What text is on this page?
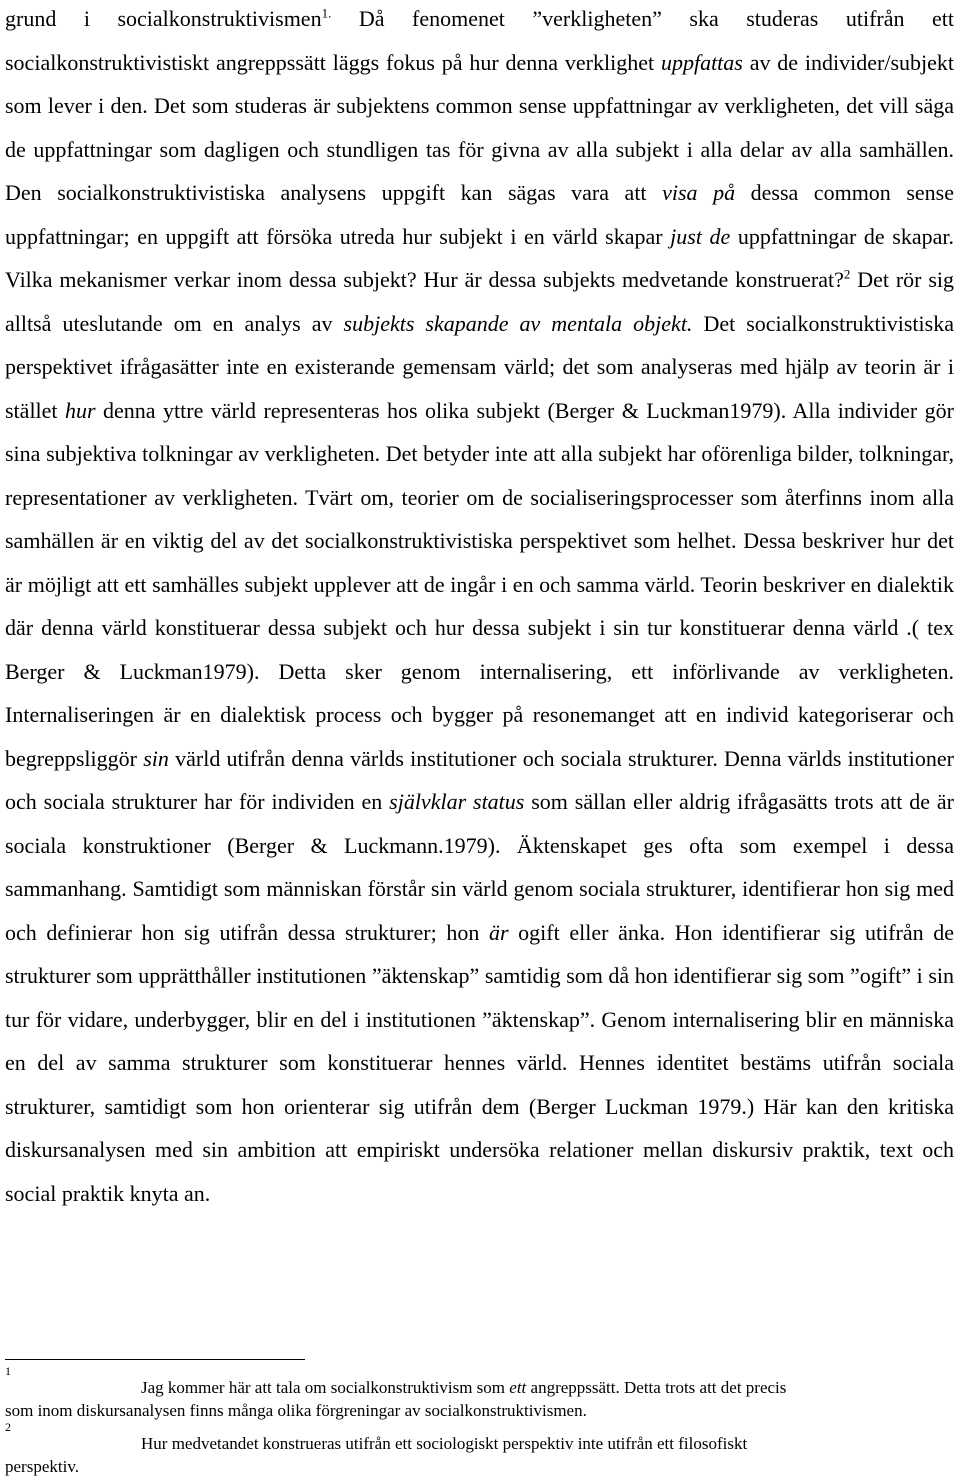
grund i socialkonstruktivismen$^{1.}$ Då fenomenet ”verkligheten” ska studeras utifrån ett socialkonstruktivistiskt angreppssätt läggs fokus på hur denna verklighet uppfattas av de individer/subjekt som lever i den. Det som studeras är subjektens common sense uppfattningar av verkligheten, det vill säga de uppfattningar som dagligen och stundligen tas för givna av alla subjekt i alla delar av alla samhällen. Den socialkonstruktivistiska analysens uppgift kan sägas vara att visa på dessa common sense uppfattningar; en uppgift att försöka utreda hur subjekt i en värld skapar just de uppfattningar de skapar. Vilka mekanismer verkar inom dessa subjekt? Hur är dessa subjekts medvetande konstruerat?$^2$ Det rör sig alltså uteslutande om en analys av subjekts skapande av mentala objekt. Det socialkonstruktivistiska perspektivet ifrågasätter inte en existerande gemensam värld; det som analyseras med hjälp av teorin är i stället hur denna yttre värld representeras hos olika subjekt (Berger & Luckman1979). Alla individer gör sina subjektiva tolkningar av verkligheten. Det betyder inte att alla subjekt har oförenliga bilder, tolkningar, representationer av verkligheten. Tvärt om, teorier om de socialiseringsprocesser som återfinns inom alla samhällen är en viktig del av det socialkonstruktivistiska perspektivet som helhet. Dessa beskriver hur det är möjligt att ett samhälles subjekt upplever att de ingår i en och samma värld. Teorin beskriver en dialektik där denna värld konstituerar dessa subjekt och hur dessa subjekt i sin tur konstituerar denna värld .( tex Berger & Luckman1979). Detta sker genom internalisering, ett införlivande av verkligheten. Internaliseringen är en dialektisk process och bygger på resonemanget att en individ kategoriserar och begreppsliggör sin värld utifrån denna världs institutioner och sociala strukturer. Denna världs institutioner och sociala strukturer har för individen en självklar status som sällan eller aldrig ifrågasätts trots att de är sociala konstruktioner (Berger & Luckmann.1979). Äktenskapet ges ofta som exempel i dessa sammanhang. Samtidigt som människan förstår sin värld genom sociala strukturer, identifierar hon sig med och definierar hon sig utifrån dessa strukturer; hon är ogift eller änka. Hon identifierar sig utifrån de strukturer som upprätthåller institutionen ”äktenskap” samtidig som då hon identifierar sig som ”ogift” i sin tur för vidare, underbygger, blir en del i institutionen ”äktenskap”. Genom internalisering blir en människa en del av samma strukturer som konstituerar hennes värld. Hennes identitet bestäms utifrån sociala strukturer, samtidigt som hon orienterar sig utifrån dem (Berger Luckman 1979.) Här kan den kritiska diskursanalysen med sin ambition att empiriskt undersöka relationer mellan diskursiv praktik, text och social praktik knyta an.

1
Jag kommer här att tala om socialkonstruktivism som ett angreppssätt. Detta trots att det precis
som inom diskursanalysen finns många olika förgreningar av socialkonstruktivismen.
2
Hur medvetandet konstrueras utifrån ett sociologiskt perspektiv inte utifrån ett filosofiskt
perspektiv.
